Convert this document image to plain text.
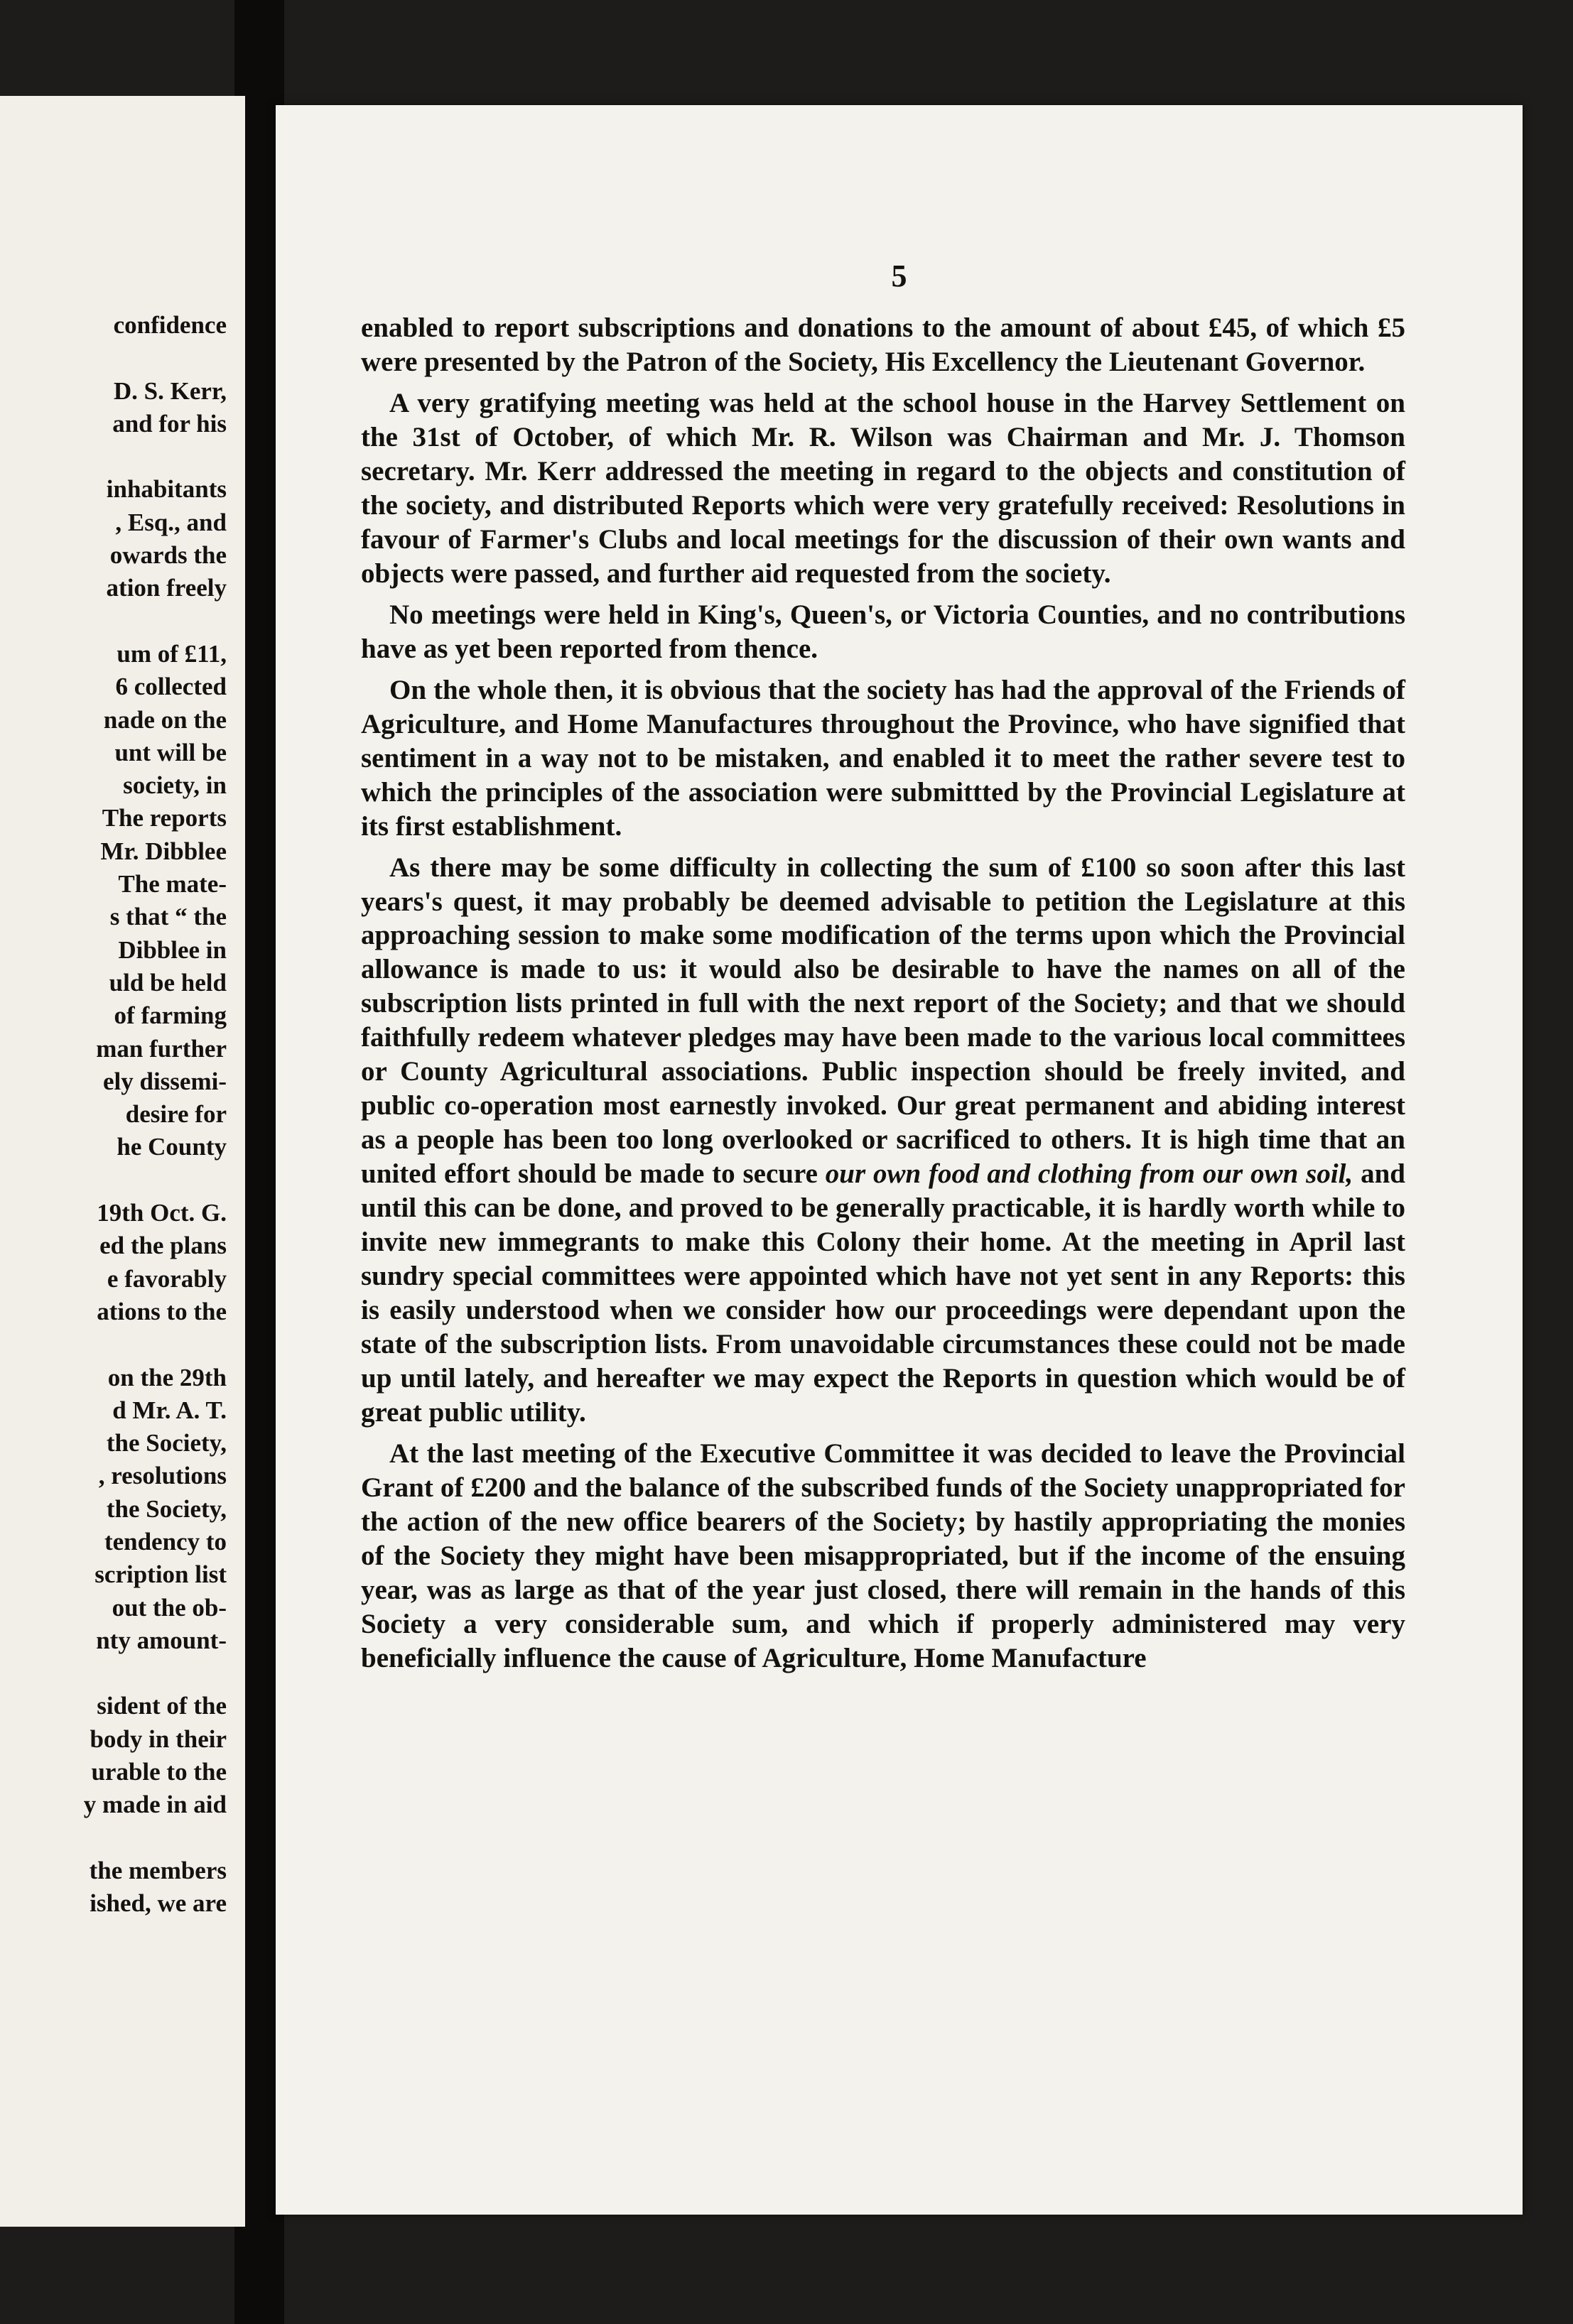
confidence
D. S. Kerr,
and for his
inhabitants
, Esq., and
owards the
ation freely
um of £11,
6 collected
nade on the
unt will be
society, in
The reports
Mr. Dibblee
The mate-
s that “ the
Dibblee in
uld be held
of farming
man further
ely dissemi-
desire for
he County
19th Oct. G.
ed the plans
e favorably
ations to the
on the 29th
d Mr. A. T.
the Society,
, resolutions
the Society,
tendency to
scription list
out the ob-
nty amount-
sident of the
body in their
urable to the
y made in aid
the members
ished, we are
5

enabled to report subscriptions and donations to the amount of about £45, of which £5 were presented by the Patron of the Society, His Excellency the Lieutenant Governor.

A very gratifying meeting was held at the school house in the Harvey Settlement on the 31st of October, of which Mr. R. Wilson was Chairman and Mr. J. Thomson secretary. Mr. Kerr addressed the meeting in regard to the objects and constitution of the society, and distributed Reports which were very gratefully received: Resolutions in favour of Farmer's Clubs and local meetings for the discussion of their own wants and objects were passed, and further aid requested from the society.

No meetings were held in King's, Queen's, or Victoria Counties, and no contributions have as yet been reported from thence.

On the whole then, it is obvious that the society has had the approval of the Friends of Agriculture, and Home Manufactures throughout the Province, who have signified that sentiment in a way not to be mistaken, and enabled it to meet the rather severe test to which the principles of the association were submittted by the Provincial Legislature at its first establishment.

As there may be some difficulty in collecting the sum of £100 so soon after this last years's quest, it may probably be deemed advisable to petition the Legislature at this approaching session to make some modification of the terms upon which the Provincial allowance is made to us: it would also be desirable to have the names on all of the subscription lists printed in full with the next report of the Society; and that we should faithfully redeem whatever pledges may have been made to the various local committees or County Agricultural associations. Public inspection should be freely invited, and public co-operation most earnestly invoked. Our great permanent and abiding interest as a people has been too long overlooked or sacrificed to others. It is high time that an united effort should be made to secure our own food and clothing from our own soil, and until this can be done, and proved to be generally practicable, it is hardly worth while to invite new immegrants to make this Colony their home. At the meeting in April last sundry special committees were appointed which have not yet sent in any Reports: this is easily understood when we consider how our proceedings were dependant upon the state of the subscription lists. From unavoidable circumstances these could not be made up until lately, and hereafter we may expect the Reports in question which would be of great public utility.

At the last meeting of the Executive Committee it was decided to leave the Provincial Grant of £200 and the balance of the subscribed funds of the Society unappropriated for the action of the new office bearers of the Society; by hastily appropriating the monies of the Society they might have been misappropriated, but if the income of the ensuing year, was as large as that of the year just closed, there will remain in the hands of this Society a very considerable sum, and which if properly administered may very beneficially influence the cause of Agriculture, Home Manufacture
